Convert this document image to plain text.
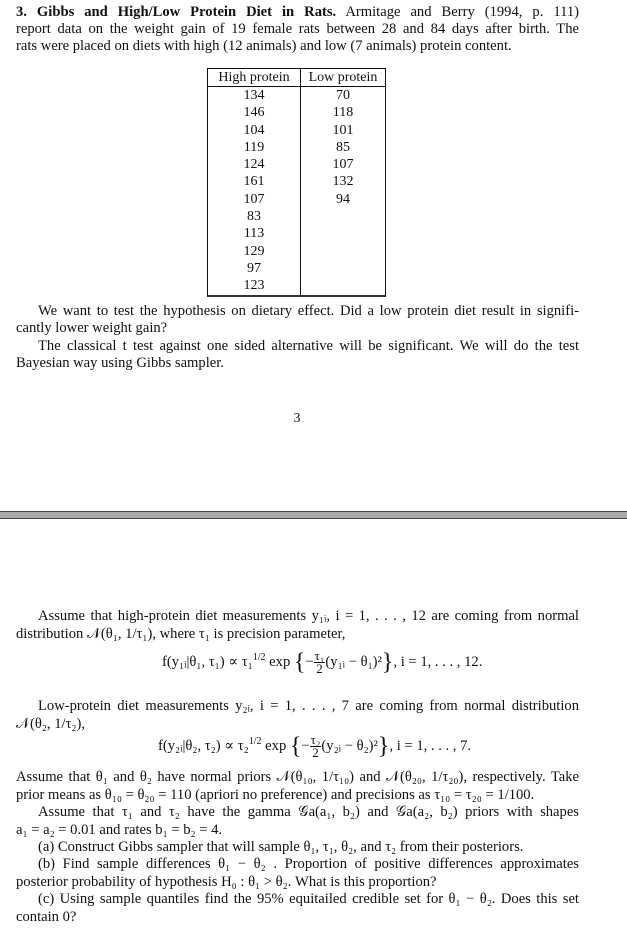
3. Gibbs and High/Low Protein Diet in Rats. Armitage and Berry (1994, p. 111)
report data on the weight gain of 19 female rats between 28 and 84 days after birth. The
rats were placed on diets with high (12 animals) and low (7 animals) protein content.
High protein	Low protein
134	70
146	118
104	101
119	85
124	107
161	132
107	94
83	
113	
129	
97	
123	
We want to test the hypothesis on dietary effect. Did a low protein diet result in signifi-
cantly lower weight gain?
The classical t test against one sided alternative will be significant. We will do the test
Bayesian way using Gibbs sampler.
3
Assume that high-protein diet measurements y₁ᵢ, i = 1, . . . , 12 are coming from normal
distribution 𝒩(θ₁, 1/τ₁), where τ₁ is precision parameter,
f(y₁ᵢ|θ₁, τ₁) ∝ τ₁$^{1/2}$ exp {− $\frac{\text{τ₁}}{2}$ (y₁ᵢ − θ₁)²}, i = 1, . . . , 12.
Low-protein diet measurements y₂ᵢ, i = 1, . . . , 7 are coming from normal distribution
𝒩(θ₂, 1/τ₂),
f(y₂ᵢ|θ₂, τ₂) ∝ τ₂$^{1/2}$ exp {− $\frac{\text{τ₂}}{2}$ (y₂ᵢ − θ₂)²}, i = 1, . . . , 7.
Assume that θ₁ and θ₂ have normal priors 𝒩(θ₁₀, 1/τ₁₀) and 𝒩(θ₂₀, 1/τ₂₀), respectively. Take
prior means as θ₁₀ = θ₂₀ = 110 (apriori no preference) and precisions as τ₁₀ = τ₂₀ = 1/100.
Assume that τ₁ and τ₂ have the gamma 𝒢a(a₁, b₂) and 𝒢a(a₂, b₂) priors with shapes
a₁ = a₂ = 0.01 and rates b₁ = b₂ = 4.
(a) Construct Gibbs sampler that will sample θ₁, τ₁, θ₂, and τ₂ from their posteriors.
(b) Find sample differences θ₁ − θ₂ . Proportion of positive differences approximates
posterior probability of hypothesis H₀ : θ₁ > θ₂. What is this proportion?
(c) Using sample quantiles find the 95% equitailed credible set for θ₁ − θ₂. Does this set
contain 0?
